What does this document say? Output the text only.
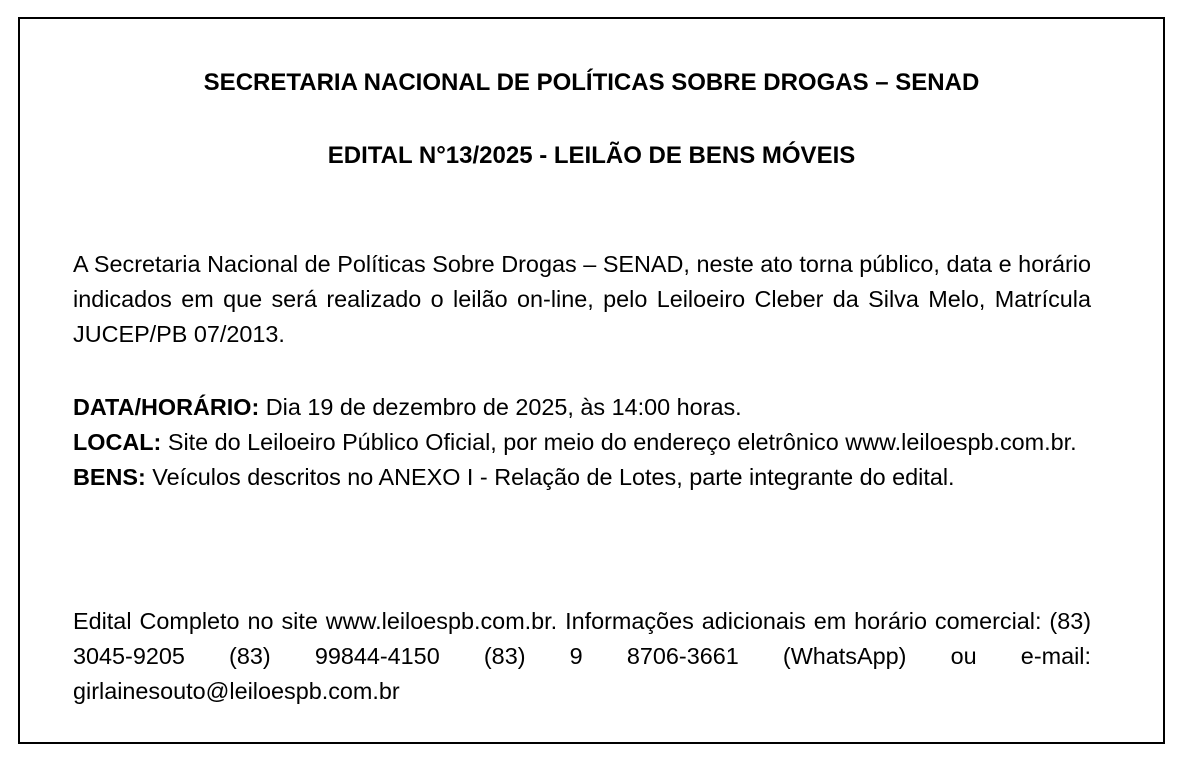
SECRETARIA NACIONAL DE POLÍTICAS SOBRE DROGAS – SENAD
EDITAL N°13/2025 - LEILÃO DE BENS MÓVEIS

A Secretaria Nacional de Políticas Sobre Drogas – SENAD, neste ato torna público, data e horário indicados em que será realizado o leilão on-line, pelo Leiloeiro Cleber da Silva Melo, Matrícula JUCEP/PB 07/2013.

DATA/HORÁRIO: Dia 19 de dezembro de 2025, às 14:00 horas.
LOCAL: Site do Leiloeiro Público Oficial, por meio do endereço eletrônico www.leiloespb.com.br.
BENS: Veículos descritos no ANEXO I - Relação de Lotes, parte integrante do edital.

Edital Completo no site www.leiloespb.com.br. Informações adicionais em horário comercial: (83) 3045-9205 (83) 99844-4150 (83) 9 8706-3661 (WhatsApp) ou e-mail: girlainesouto@leiloespb.com.br
